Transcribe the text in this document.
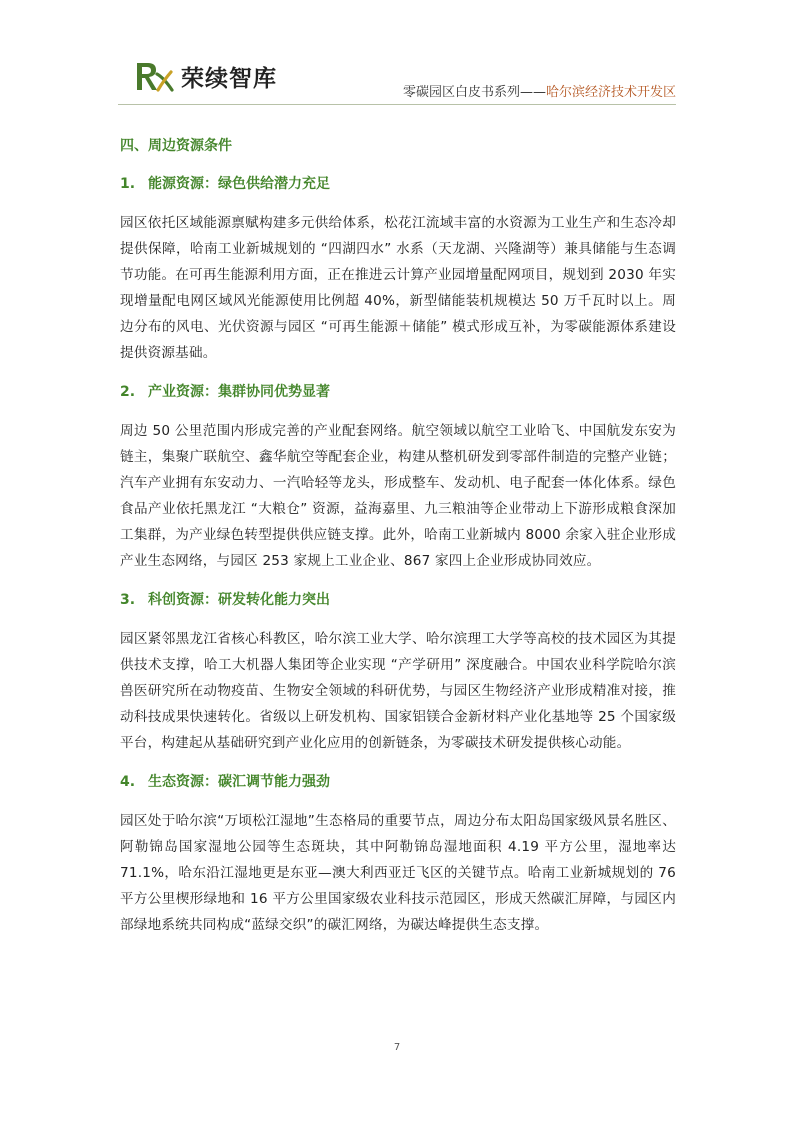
荣续智库
零碳园区白皮书系列——哈尔滨经济技术开发区
四、周边资源条件
1. 能源资源：绿色供给潜力充足

园区依托区域能源禀赋构建多元供给体系，松花江流域丰富的水资源为工业生产和生态冷却提供保障，哈南工业新城规划的 “四湖四水” 水系（天龙湖、兴隆湖等）兼具储能与生态调节功能。在可再生能源利用方面，正在推进云计算产业园增量配网项目，规划到 2030 年实现增量配电网区域风光能源使用比例超 40%，新型储能装机规模达 50 万千瓦时以上。周边分布的风电、光伏资源与园区 “可再生能源＋储能” 模式形成互补，为零碳能源体系建设提供资源基础。

2. 产业资源：集群协同优势显著

周边 50 公里范围内形成完善的产业配套网络。航空领域以航空工业哈飞、中国航发东安为链主，集聚广联航空、鑫华航空等配套企业，构建从整机研发到零部件制造的完整产业链；汽车产业拥有东安动力、一汽哈轻等龙头，形成整车、发动机、电子配套一体化体系。绿色食品产业依托黑龙江 “大粮仓” 资源，益海嘉里、九三粮油等企业带动上下游形成粮食深加工集群，为产业绿色转型提供供应链支撑。此外，哈南工业新城内 8000 余家入驻企业形成产业生态网络，与园区 253 家规上工业企业、867 家四上企业形成协同效应。

3. 科创资源：研发转化能力突出

园区紧邻黑龙江省核心科教区，哈尔滨工业大学、哈尔滨理工大学等高校的技术园区为其提供技术支撑，哈工大机器人集团等企业实现 “产学研用” 深度融合。中国农业科学院哈尔滨兽医研究所在动物疫苗、生物安全领域的科研优势，与园区生物经济产业形成精准对接，推动科技成果快速转化。省级以上研发机构、国家铝镁合金新材料产业化基地等 25 个国家级平台，构建起从基础研究到产业化应用的创新链条，为零碳技术研发提供核心动能。

4. 生态资源：碳汇调节能力强劲

园区处于哈尔滨“万顷松江湿地”生态格局的重要节点，周边分布太阳岛国家级风景名胜区、阿勒锦岛国家湿地公园等生态斑块，其中阿勒锦岛湿地面积 4.19 平方公里，湿地率达 71.1%，哈东沿江湿地更是东亚—澳大利西亚迁飞区的关键节点。哈南工业新城规划的 76 平方公里楔形绿地和 16 平方公里国家级农业科技示范园区，形成天然碳汇屏障，与园区内部绿地系统共同构成“蓝绿交织”的碳汇网络，为碳达峰提供生态支撑。

7
